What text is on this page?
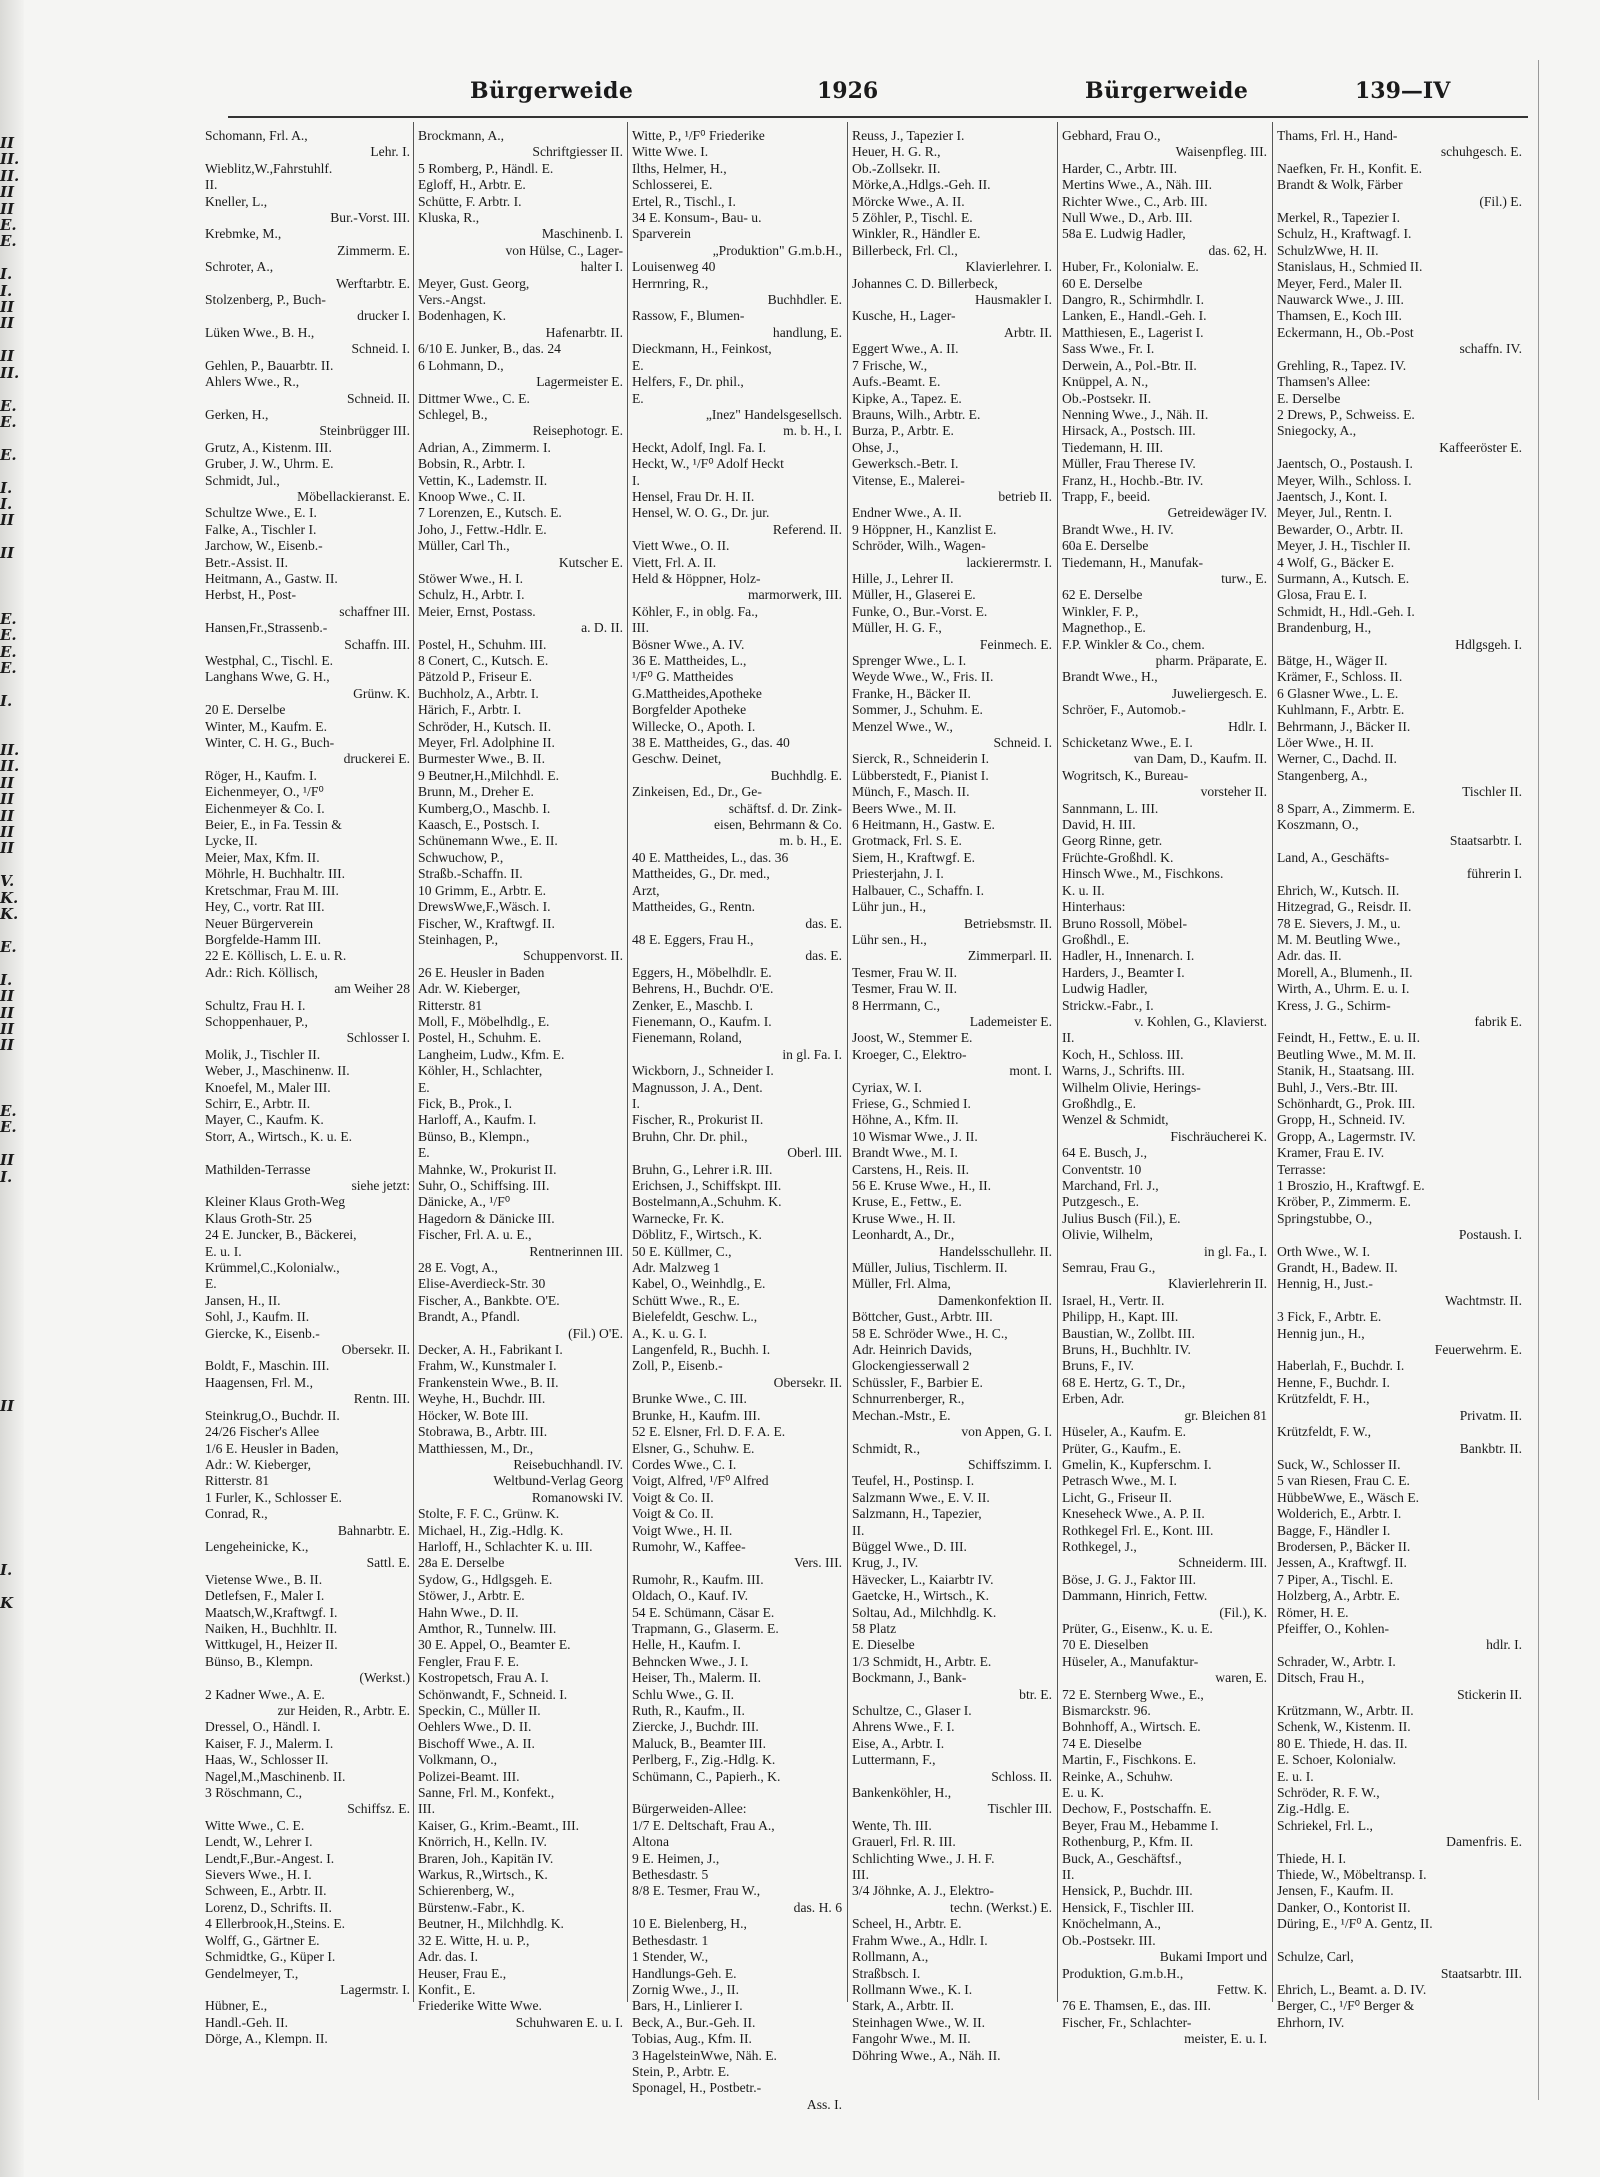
II
II.
II.
II
II
E.
E.

I.
I.
II
II

II
II.

E.
E.

E.

I.
I.
II

II

E.
E.
E.
E.

I.

II.
II.
II
II
II
II
II

V.
K.
K.

E.

I.
II
II
II
II

E.
E.

II
I.

II

I.

K

Bürgerweide	1926	Bürgerweide	139—IV
Schomann, Frl. A.,
Lehr. I.
Wieblitz,W.,Fahrstuhlf.
II.
Kneller, L.,
Bur.-Vorst. III.
Krebmke, M.,
Zimmerm. E.
Schroter, A.,
Werftarbtr. E.
Stolzenberg, P., Buch-
drucker I.
Lüken Wwe., B. H.,
Schneid. I.
Gehlen, P., Bauarbtr. II.
Ahlers Wwe., R.,
Schneid. II.
Gerken, H.,
Steinbrügger III.
Grutz, A., Kistenm. III.
Gruber, J. W., Uhrm. E.
Schmidt, Jul.,
Möbellackieranst. E.
Schultze Wwe., E. I.
Falke, A., Tischler I.
Jarchow, W., Eisenb.-
Betr.-Assist. II.
Heitmann, A., Gastw. II.
Herbst, H., Post-
schaffner III.
Hansen,Fr.,Strassenb.-
Schaffn. III.
Westphal, C., Tischl. E.
Langhans Wwe, G. H.,
Grünw. K.
20 E. Derselbe
Winter, M., Kaufm. E.
Winter, C. H. G., Buch-
druckerei E.
Röger, H., Kaufm. I.
Eichenmeyer, O., ¹/F⁰
Eichenmeyer & Co. I.
Beier, E., in Fa. Tessin &
Lycke, II.
Meier, Max, Kfm. II.
Möhrle, H. Buchhaltr. III.
Kretschmar, Frau M. III.
Hey, C., vortr. Rat III.
Neuer Bürgerverein
Borgfelde-Hamm III.
22 E. Köllisch, L. E. u. R.
Adr.: Rich. Köllisch,
am Weiher 28
Schultz, Frau H. I.
Schoppenhauer, P.,
Schlosser I.
Molik, J., Tischler II.
Weber, J., Maschinenw. II.
Knoefel, M., Maler III.
Schirr, E., Arbtr. II.
Mayer, C., Kaufm. K.
Storr, A., Wirtsch., K. u. E.

Mathilden-Terrasse
siehe jetzt:
Kleiner Klaus Groth-Weg
Klaus Groth-Str. 25
24 E. Juncker, B., Bäckerei,
E. u. I.
Krümmel,C.,Kolonialw.,
E.
Jansen, H., II.
Sohl, J., Kaufm. II.
Giercke, K., Eisenb.-
Obersekr. II.
Boldt, F., Maschin. III.
Haagensen, Frl. M.,
Rentn. III.
Steinkrug,O., Buchdr. II.
24/26 Fischer's Allee
1/6 E. Heusler in Baden,
Adr.: W. Kieberger,
Ritterstr. 81
1 Furler, K., Schlosser E.
Conrad, R.,
Bahnarbtr. E.
Lengeheinicke, K.,
Sattl. E.
Vietense Wwe., B. II.
Detlefsen, F., Maler I.
Maatsch,W.,Kraftwgf. I.
Naiken, H., Buchhltr. II.
Wittkugel, H., Heizer II.
Bünso, B., Klempn.
(Werkst.)
2 Kadner Wwe., A. E.
zur Heiden, R., Arbtr. E.
Dressel, O., Händl. I.
Kaiser, F. J., Malerm. I.
Haas, W., Schlosser II.
Nagel,M.,Maschinenb. II.
3 Röschmann, C.,
Schiffsz. E.
Witte Wwe., C. E.
Lendt, W., Lehrer I.
Lendt,F.,Bur.-Angest. I.
Sievers Wwe., H. I.
Schween, E., Arbtr. II.
Lorenz, D., Schrifts. II.
4 Ellerbrook,H.,Steins. E.
Wolff, G., Gärtner E.
Schmidtke, G., Küper I.
Gendelmeyer, T.,
Lagermstr. I.
Hübner, E.,
Handl.-Geh. II.
Dörge, A., Klempn. II.
Brockmann, A.,
Schriftgiesser II.
5 Romberg, P., Händl. E.
Egloff, H., Arbtr. E.
Schütte, F. Arbtr. I.
Kluska, R.,
Maschinenb. I.
von Hülse, C., Lager-
halter I.
Meyer, Gust. Georg,
Vers.-Angst.
Bodenhagen, K.
Hafenarbtr. II.
6/10 E. Junker, B., das. 24
6 Lohmann, D.,
Lagermeister E.
Dittmer Wwe., C. E.
Schlegel, B.,
Reisephotogr. E.
Adrian, A., Zimmerm. I.
Bobsin, R., Arbtr. I.
Vettin, K., Lademstr. II.
Knoop Wwe., C. II.
7 Lorenzen, E., Kutsch. E.
Joho, J., Fettw.-Hdlr. E.
Müller, Carl Th.,
Kutscher E.
Stöwer Wwe., H. I.
Schulz, H., Arbtr. I.
Meier, Ernst, Postass.
a. D. II.
Postel, H., Schuhm. III.
8 Conert, C., Kutsch. E.
Pätzold P., Friseur E.
Buchholz, A., Arbtr. I.
Härich, F., Arbtr. I.
Schröder, H., Kutsch. II.
Meyer, Frl. Adolphine II.
Burmester Wwe., B. II.
9 Beutner,H.,Milchhdl. E.
Brunn, M., Dreher E.
Kumberg,O., Maschb. I.
Kaasch, E., Postsch. I.
Schünemann Wwe., E. II.
Schwuchow, P.,
Straßb.-Schaffn. II.
10 Grimm, E., Arbtr. E.
DrewsWwe,F.,Wäsch. I.
Fischer, W., Kraftwgf. II.
Steinhagen, P.,
Schuppenvorst. II.
26 E. Heusler in Baden
Adr. W. Kieberger,
Ritterstr. 81
Moll, F., Möbelhdlg., E.
Postel, H., Schuhm. E.
Langheim, Ludw., Kfm. E.
Köhler, H., Schlachter,
E.
Fick, B., Prok., I.
Harloff, A., Kaufm. I.
Bünso, B., Klempn.,
E.
Mahnke, W., Prokurist II.
Suhr, O., Schiffsing. III.
Dänicke, A., ¹/F⁰
Hagedorn & Dänicke III.
Fischer, Frl. A. u. E.,
Rentnerinnen III.
28 E. Vogt, A.,
Elise-Averdieck-Str. 30
Fischer, A., Bankbte. O'E.
Brandt, A., Pfandl.
(Fil.) O'E.
Decker, A. H., Fabrikant I.
Frahm, W., Kunstmaler I.
Frankenstein Wwe., B. II.
Weyhe, H., Buchdr. III.
Höcker, W. Bote III.
Stobrawa, B., Arbtr. III.
Matthiessen, M., Dr.,
Reisebuchhandl. IV.
Weltbund-Verlag Georg
Romanowski IV.
Stolte, F. F. C., Grünw. K.
Michael, H., Zig.-Hdlg. K.
Harloff, H., Schlachter K. u. III.
28a E. Derselbe
Sydow, G., Hdlgsgeh. E.
Stöwer, J., Arbtr. E.
Hahn Wwe., D. II.
Amthor, R., Tunnelw. III.
30 E. Appel, O., Beamter E.
Fengler, Frau F. E.
Kostropetsch, Frau A. I.
Schönwandt, F., Schneid. I.
Speckin, C., Müller II.
Oehlers Wwe., D. II.
Bischoff Wwe., A. II.
Volkmann, O.,
Polizei-Beamt. III.
Sanne, Frl. M., Konfekt.,
III.
Kaiser, G., Krim.-Beamt., III.
Knörrich, H., Kelln. IV.
Braren, Joh., Kapitän IV.
Warkus, R.,Wirtsch., K.
Schierenberg, W.,
Bürstenw.-Fabr., K.
Beutner, H., Milchhdlg. K.
32 E. Witte, H. u. P.,
Adr. das. I.
Heuser, Frau E.,
Konfit., E.
Friederike Witte Wwe.
Schuhwaren E. u. I.
Witte, P., ¹/F⁰ Friederike
Witte Wwe. I.
Ilths, Helmer, H.,
Schlosserei, E.
Ertel, R., Tischl., I.
34 E. Konsum-, Bau- u.
Sparverein
„Produktion" G.m.b.H.,
Louisenweg 40
Herrnring, R.,
Buchhdler. E.
Rassow, F., Blumen-
handlung, E.
Dieckmann, H., Feinkost,
E.
Helfers, F., Dr. phil.,
E.
„Inez" Handelsgesellsch.
m. b. H., I.
Heckt, Adolf, Ingl. Fa. I.
Heckt, W., ¹/F⁰ Adolf Heckt
I.
Hensel, Frau Dr. H. II.
Hensel, W. O. G., Dr. jur.
Referend. II.
Viett Wwe., O. II.
Viett, Frl. A. II.
Held & Höppner, Holz-
marmorwerk, III.
Köhler, F., in oblg. Fa.,
III.
Bösner Wwe., A. IV.
36 E. Mattheides, L.,
¹/F⁰ G. Mattheides
G.Mattheides,Apotheke
Borgfelder Apotheke
Willecke, O., Apoth. I.
38 E. Mattheides, G., das. 40
Geschw. Deinet,
Buchhdlg. E.
Zinkeisen, Ed., Dr., Ge-
schäftsf. d. Dr. Zink-
eisen, Behrmann & Co.
m. b. H., E.
40 E. Mattheides, L., das. 36
Mattheides, G., Dr. med.,
Arzt,
Mattheides, G., Rentn.
das. E.
48 E. Eggers, Frau H.,
das. E.
Eggers, H., Möbelhdlr. E.
Behrens, H., Buchdr. O'E.
Zenker, E., Maschb. I.
Fienemann, O., Kaufm. I.
Fienemann, Roland,
in gl. Fa. I.
Wickborn, J., Schneider I.
Magnusson, J. A., Dent.
I.
Fischer, R., Prokurist II.
Bruhn, Chr. Dr. phil.,
Oberl. III.
Bruhn, G., Lehrer i.R. III.
Erichsen, J., Schiffskpt. III.
Bostelmann,A.,Schuhm. K.
Warnecke, Fr. K.
Döblitz, F., Wirtsch., K.
50 E. Küllmer, C.,
Adr. Malzweg 1
Kabel, O., Weinhdlg., E.
Schütt Wwe., R., E.
Bielefeldt, Geschw. L.,
A., K. u. G. I.
Langenfeld, R., Buchh. I.
Zoll, P., Eisenb.-
Obersekr. II.
Brunke Wwe., C. III.
Brunke, H., Kaufm. III.
52 E. Elsner, Frl. D. F. A. E.
Elsner, G., Schuhw. E.
Cordes Wwe., C. I.
Voigt, Alfred, ¹/F⁰ Alfred
Voigt & Co. II.
Voigt & Co. II.
Voigt Wwe., H. II.
Rumohr, W., Kaffee-
Vers. III.
Rumohr, R., Kaufm. III.
Oldach, O., Kauf. IV.
54 E. Schümann, Cäsar E.
Trapmann, G., Glaserm. E.
Helle, H., Kaufm. I.
Behncken Wwe., J. I.
Heiser, Th., Malerm. II.
Schlu Wwe., G. II.
Ruth, R., Kaufm., II.
Ziercke, J., Buchdr. III.
Maluck, B., Beamter III.
Perlberg, F., Zig.-Hdlg. K.
Schümann, C., Papierh., K.

Bürgerweiden-Allee:
1/7 E. Deltschaft, Frau A.,
Altona
9 E. Heimen, J.,
Bethesdastr. 5
8/8 E. Tesmer, Frau W.,
das. H. 6
10 E. Bielenberg, H.,
Bethesdastr. 1
1 Stender, W.,
Handlungs-Geh. E.
Zornig Wwe., J., II.
Bars, H., Linlierer I.
Beck, A., Bur.-Geh. II.
Tobias, Aug., Kfm. II.
3 HagelsteinWwe, Näh. E.
Stein, P., Arbtr. E.
Sponagel, H., Postbetr.-
Ass. I.
Reuss, J., Tapezier I.
Heuer, H. G. R.,
Ob.-Zollsekr. II.
Mörke,A.,Hdlgs.-Geh. II.
Mörcke Wwe., A. II.
5 Zöhler, P., Tischl. E.
Winkler, R., Händler E.
Billerbeck, Frl. Cl.,
Klavierlehrer. I.
Johannes C. D. Billerbeck,
Hausmakler I.
Kusche, H., Lager-
Arbtr. II.
Eggert Wwe., A. II.
7 Frische, W.,
Aufs.-Beamt. E.
Kipke, A., Tapez. E.
Brauns, Wilh., Arbtr. E.
Burza, P., Arbtr. E.
Ohse, J.,
Gewerksch.-Betr. I.
Vitense, E., Malerei-
betrieb II.
Endner Wwe., A. II.
9 Höppner, H., Kanzlist E.
Schröder, Wilh., Wagen-
lackierermstr. I.
Hille, J., Lehrer II.
Müller, H., Glaserei E.
Funke, O., Bur.-Vorst. E.
Müller, H. G. F.,
Feinmech. E.
Sprenger Wwe., L. I.
Weyde Wwe., W., Fris. II.
Franke, H., Bäcker II.
Sommer, J., Schuhm. E.
Menzel Wwe., W.,
Schneid. I.
Sierck, R., Schneiderin I.
Lübberstedt, F., Pianist I.
Münch, F., Masch. II.
Beers Wwe., M. II.
6 Heitmann, H., Gastw. E.
Grotmack, Frl. S. E.
Siem, H., Kraftwgf. E.
Priesterjahn, J. I.
Halbauer, C., Schaffn. I.
Lühr jun., H.,
Betriebsmstr. II.
Lühr sen., H.,
Zimmerparl. II.
Tesmer, Frau W. II.
Tesmer, Frau W. II.
8 Herrmann, C.,
Lademeister E.
Joost, W., Stemmer E.
Kroeger, C., Elektro-
mont. I.
Cyriax, W. I.
Friese, G., Schmied I.
Höhne, A., Kfm. II.
10 Wismar Wwe., J. II.
Brandt Wwe., M. I.
Carstens, H., Reis. II.
56 E. Kruse Wwe., H., II.
Kruse, E., Fettw., E.
Kruse Wwe., H. II.
Leonhardt, A., Dr.,
Handelsschullehr. II.
Müller, Julius, Tischlerm. II.
Müller, Frl. Alma,
Damenkonfektion II.
Böttcher, Gust., Arbtr. III.
58 E. Schröder Wwe., H. C.,
Adr. Heinrich Davids,
Glockengiesserwall 2
Schüssler, F., Barbier E.
Schnurrenberger, R.,
Mechan.-Mstr., E.
von Appen, G. I.
Schmidt, R.,
Schiffszimm. I.
Teufel, H., Postinsp. I.
Salzmann Wwe., E. V. II.
Salzmann, H., Tapezier,
II.
Büggel Wwe., D. III.
Krug, J., IV.
Hävecker, L., Kaiarbtr IV.
Gaetcke, H., Wirtsch., K.
Soltau, Ad., Milchhdlg. K.
58 Platz
E. Dieselbe
1/3 Schmidt, H., Arbtr. E.
Bockmann, J., Bank-
btr. E.
Schultze, C., Glaser I.
Ahrens Wwe., F. I.
Eise, A., Arbtr. I.
Luttermann, F.,
Schloss. II.
Bankenköhler, H.,
Tischler III.
Wente, Th. III.
Grauerl, Frl. R. III.
Schlichting Wwe., J. H. F.
III.
3/4 Jöhnke, A. J., Elektro-
techn. (Werkst.) E.
Scheel, H., Arbtr. E.
Frahm Wwe., A., Hdlr. I.
Rollmann, A.,
Straßbsch. I.
Rollmann Wwe., K. I.
Stark, A., Arbtr. II.
Steinhagen Wwe., W. II.
Fangohr Wwe., M. II.
Döhring Wwe., A., Näh. II.
Gebhard, Frau O.,
Waisenpfleg. III.
Harder, C., Arbtr. III.
Mertins Wwe., A., Näh. III.
Richter Wwe., C., Arb. III.
Null Wwe., D., Arb. III.
58a E. Ludwig Hadler,
das. 62, H.
Huber, Fr., Kolonialw. E.
60 E. Derselbe
Dangro, R., Schirmhdlr. I.
Lanken, E., Handl.-Geh. I.
Matthiesen, E., Lagerist I.
Sass Wwe., Fr. I.
Derwein, A., Pol.-Btr. II.
Knüppel, A. N.,
Ob.-Postsekr. II.
Nenning Wwe., J., Näh. II.
Hirsack, A., Postsch. III.
Tiedemann, H. III.
Müller, Frau Therese IV.
Franz, H., Hochb.-Btr. IV.
Trapp, F., beeid.
Getreidewäger IV.
Brandt Wwe., H. IV.
60a E. Derselbe
Tiedemann, H., Manufak-
turw., E.
62 E. Derselbe
Winkler, F. P.,
Magnethop., E.
F.P. Winkler & Co., chem.
pharm. Präparate, E.
Brandt Wwe., H.,
Juweliergesch. E.
Schröer, F., Automob.-
Hdlr. I.
Schicketanz Wwe., E. I.
van Dam, D., Kaufm. II.
Wogritsch, K., Bureau-
vorsteher II.
Sannmann, L. III.
David, H. III.
Georg Rinne, getr.
Früchte-Großhdl. K.
Hinsch Wwe., M., Fischkons.
K. u. II.
Hinterhaus:
Bruno Rossoll, Möbel-
Großhdl., E.
Hadler, H., Innenarch. I.
Harders, J., Beamter I.
Ludwig Hadler,
Strickw.-Fabr., I.
v. Kohlen, G., Klavierst.
II.
Koch, H., Schloss. III.
Warns, J., Schrifts. III.
Wilhelm Olivie, Herings-
Großhdlg., E.
Wenzel & Schmidt,
Fischräucherei K.
64 E. Busch, J.,
Conventstr. 10
Marchand, Frl. J.,
Putzgesch., E.
Julius Busch (Fil.), E.
Olivie, Wilhelm,
in gl. Fa., I.
Semrau, Frau G.,
Klavierlehrerin II.
Israel, H., Vertr. II.
Philipp, H., Kapt. III.
Baustian, W., Zollbt. III.
Bruns, H., Buchhltr. IV.
Bruns, F., IV.
68 E. Hertz, G. T., Dr.,
Erben, Adr.
gr. Bleichen 81
Hüseler, A., Kaufm. E.
Prüter, G., Kaufm., E.
Gmelin, K., Kupferschm. I.
Petrasch Wwe., M. I.
Licht, G., Friseur II.
Kneseheck Wwe., A. P. II.
Rothkegel Frl. E., Kont. III.
Rothkegel, J.,
Schneiderm. III.
Böse, J. G. J., Faktor III.
Dammann, Hinrich, Fettw.
(Fil.), K.
Prüter, G., Eisenw., K. u. E.
70 E. Dieselben
Hüseler, A., Manufaktur-
waren, E.
72 E. Sternberg Wwe., E.,
Bismarckstr. 96.
Bohnhoff, A., Wirtsch. E.
74 E. Dieselbe
Martin, F., Fischkons. E.
Reinke, A., Schuhw.
E. u. K.
Dechow, F., Postschaffn. E.
Beyer, Frau M., Hebamme I.
Rothenburg, P., Kfm. II.
Buck, A., Geschäftsf.,
II.
Hensick, P., Buchdr. III.
Hensick, F., Tischler III.
Knöchelmann, A.,
Ob.-Postsekr. III.
Bukami Import und
Produktion, G.m.b.H.,
Fettw. K.
76 E. Thamsen, E., das. III.
Fischer, Fr., Schlachter-
meister, E. u. I.
Thams, Frl. H., Hand-
schuhgesch. E.
Naefken, Fr. H., Konfit. E.
Brandt & Wolk, Färber
(Fil.) E.
Merkel, R., Tapezier I.
Schulz, H., Kraftwagf. I.
SchulzWwe, H. II.
Stanislaus, H., Schmied II.
Meyer, Ferd., Maler II.
Nauwarck Wwe., J. III.
Thamsen, E., Koch III.
Eckermann, H., Ob.-Post
schaffn. IV.
Grehling, R., Tapez. IV.
Thamsen's Allee:
E. Derselbe
2 Drews, P., Schweiss. E.
Sniegocky, A.,
Kaffeeröster E.
Jaentsch, O., Postaush. I.
Meyer, Wilh., Schloss. I.
Jaentsch, J., Kont. I.
Meyer, Jul., Rentn. I.
Bewarder, O., Arbtr. II.
Meyer, J. H., Tischler II.
4 Wolf, G., Bäcker E.
Surmann, A., Kutsch. E.
Glosa, Frau E. I.
Schmidt, H., Hdl.-Geh. I.
Brandenburg, H.,
Hdlgsgeh. I.
Bätge, H., Wäger II.
Krämer, F., Schloss. II.
6 Glasner Wwe., L. E.
Kuhlmann, F., Arbtr. E.
Behrmann, J., Bäcker II.
Löer Wwe., H. II.
Werner, C., Dachd. II.
Stangenberg, A.,
Tischler II.
8 Sparr, A., Zimmerm. E.
Koszmann, O.,
Staatsarbtr. I.
Land, A., Geschäfts-
führerin I.
Ehrich, W., Kutsch. II.
Hitzegrad, G., Reisdr. II.
78 E. Sievers, J. M., u.
M. M. Beutling Wwe.,
Adr. das. II.
Morell, A., Blumenh., II.
Wirth, A., Uhrm. E. u. I.
Kress, J. G., Schirm-
fabrik E.
Feindt, H., Fettw., E. u. II.
Beutling Wwe., M. M. II.
Stanik, H., Staatsang. III.
Buhl, J., Vers.-Btr. III.
Schönhardt, G., Prok. III.
Gropp, H., Schneid. IV.
Gropp, A., Lagermstr. IV.
Kramer, Frau E. IV.
Terrasse:
1 Broszio, H., Kraftwgf. E.
Kröber, P., Zimmerm. E.
Springstubbe, O.,
Postaush. I.
Orth Wwe., W. I.
Grandt, H., Badew. II.
Hennig, H., Just.-
Wachtmstr. II.
3 Fick, F., Arbtr. E.
Hennig jun., H.,
Feuerwehrm. E.
Haberlah, F., Buchdr. I.
Henne, F., Buchdr. I.
Krützfeldt, F. H.,
Privatm. II.
Krützfeldt, F. W.,
Bankbtr. II.
Suck, W., Schlosser II.
5 van Riesen, Frau C. E.
HübbeWwe, E., Wäsch E.
Wolderich, E., Arbtr. I.
Bagge, F., Händler I.
Brodersen, P., Bäcker II.
Jessen, A., Kraftwgf. II.
7 Piper, A., Tischl. E.
Holzberg, A., Arbtr. E.
Römer, H. E.
Pfeiffer, O., Kohlen-
hdlr. I.
Schrader, W., Arbtr. I.
Ditsch, Frau H.,
Stickerin II.
Krützmann, W., Arbtr. II.
Schenk, W., Kistenm. II.
80 E. Thiede, H. das. II.
E. Schoer, Kolonialw.
E. u. I.
Schröder, R. F. W.,
Zig.-Hdlg. E.
Schriekel, Frl. L.,
Damenfris. E.
Thiede, H. I.
Thiede, W., Möbeltransp. I.
Jensen, F., Kaufm. II.
Danker, O., Kontorist II.
Düring, E., ¹/F⁰ A. Gentz, II.

Schulze, Carl,
Staatsarbtr. III.
Ehrich, L., Beamt. a. D. IV.
Berger, C., ¹/F⁰ Berger &
Ehrhorn, IV.
